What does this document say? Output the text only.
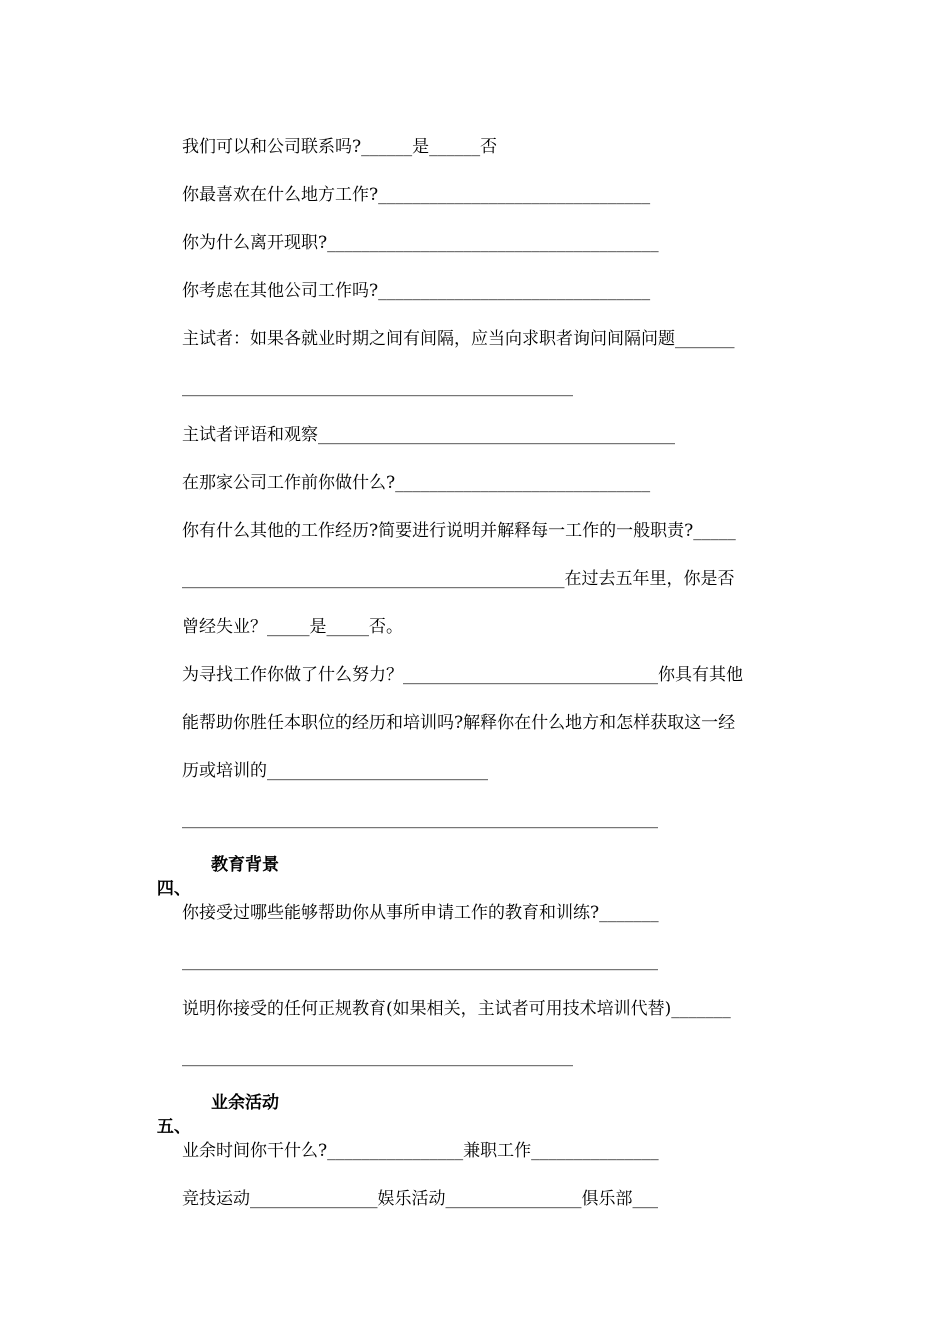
我们可以和公司联系吗?______是______否
你最喜欢在什么地方工作?________________________________
你为什么离开现职?_______________________________________
你考虑在其他公司工作吗?________________________________
主试者：如果各就业时期之间有间隔，应当向求职者询问间隔问题_______
______________________________________________
主试者评语和观察__________________________________________
在那家公司工作前你做什么?______________________________
你有什么其他的工作经历?简要进行说明并解释每一工作的一般职责?_____
_____________________________________________在过去五年里，你是否
曾经失业？_____是_____否。
为寻找工作你做了什么努力？______________________________你具有其他
能帮助你胜任本职位的经历和培训吗?解释你在什么地方和怎样获取这一经
历或培训的__________________________
________________________________________________________

四、

教育背景

你接受过哪些能够帮助你从事所申请工作的教育和训练?_______
________________________________________________________
说明你接受的任何正规教育(如果相关，主试者可用技术培训代替)_______
______________________________________________

五、

业余活动

业余时间你干什么?________________兼职工作_______________
竞技运动_______________娱乐活动________________俱乐部___
